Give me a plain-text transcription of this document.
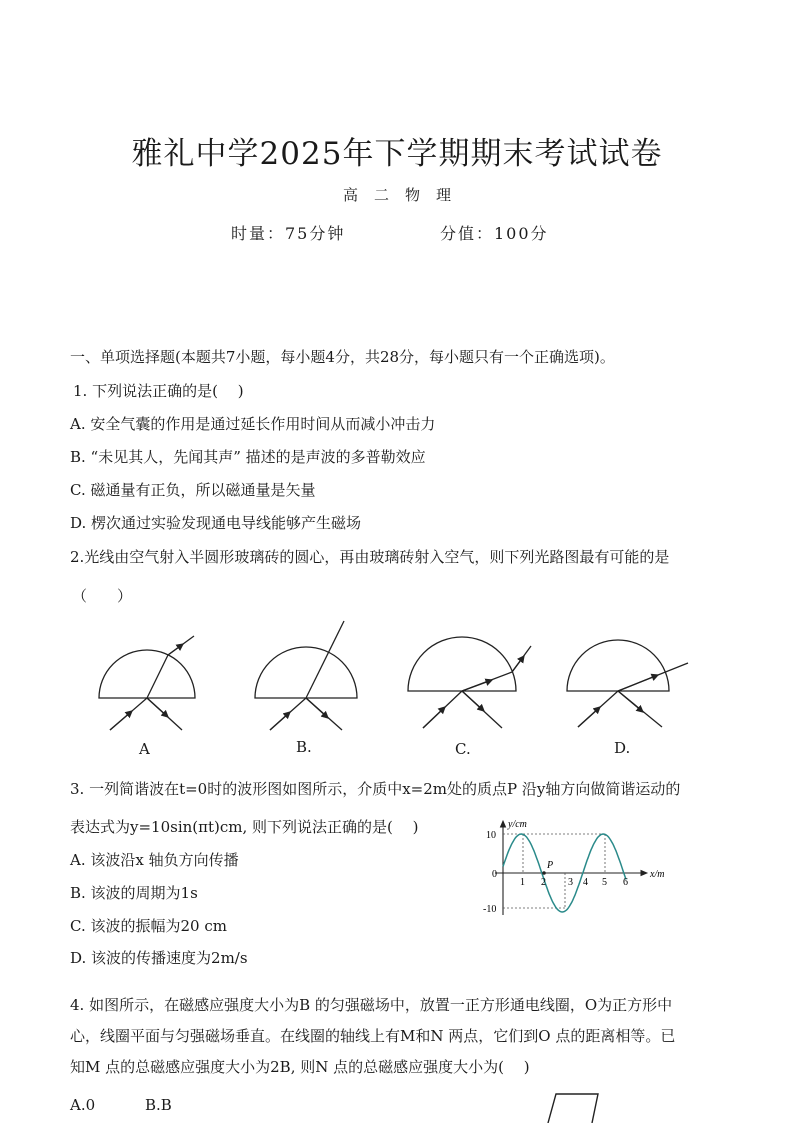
雅礼中学2025年下学期期末考试试卷
高二物理
时量：75分钟	分值：100分
一、单项选择题(本题共7小题，每小题4分，共28分，每小题只有一个正确选项)。
1. 下列说法正确的是(　 )
A. 安全气囊的作用是通过延长作用时间从而减小冲击力
B. “未见其人，先闻其声” 描述的是声波的多普勒效应
C. 磁通量有正负，所以磁通量是矢量
D. 楞次通过实验发现通电导线能够产生磁场
2.光线由空气射入半圆形玻璃砖的圆心，再由玻璃砖射入空气，则下列光路图最有可能的是
（　　）
A	B.	C.	D.
3. 一列简谐波在t=0时的波形图如图所示，介质中x=2m处的质点P 沿y轴方向做简谐运动的
表达式为y=10sin(πt)cm, 则下列说法正确的是(　 )
A. 该波沿x 轴负方向传播
B. 该波的周期为1s
C. 该波的振幅为20 cm
D. 该波的传播速度为2m/s
y/cm
x/m
10
0
-10
1 2 3 4 5 6
P
4. 如图所示，在磁感应强度大小为B 的匀强磁场中，放置一正方形通电线圈，O为正方形中
心，线圈平面与匀强磁场垂直。在线圈的轴线上有M和N 两点，它们到O 点的距离相等。已
知M 点的总磁感应强度大小为2B, 则N 点的总磁感应强度大小为(　 )
A.0	B.B
